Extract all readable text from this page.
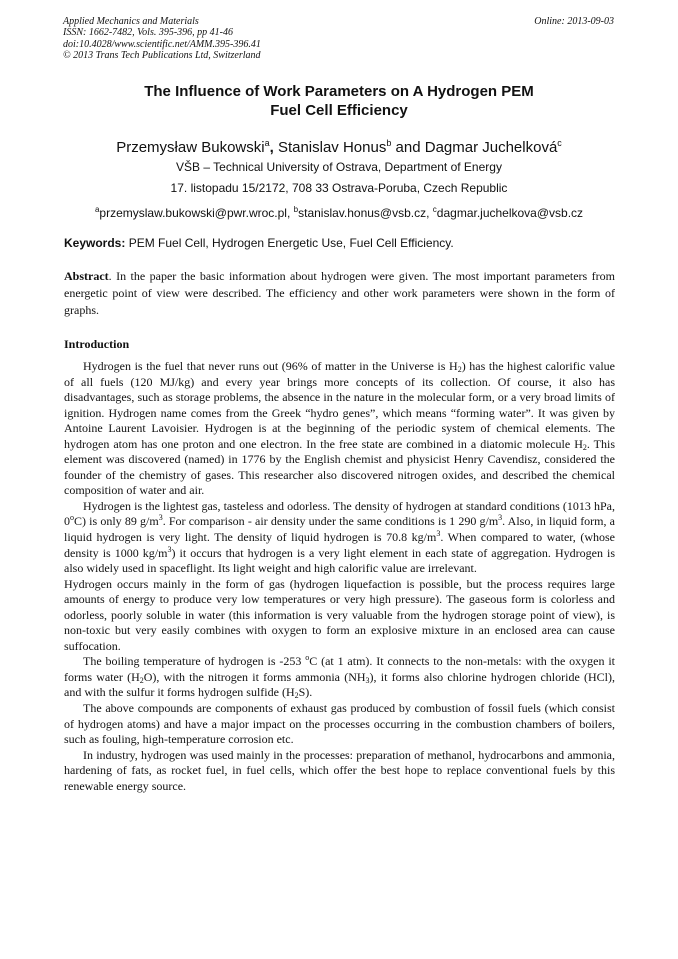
Applied Mechanics and Materials
ISSN: 1662-7482, Vols. 395-396, pp 41-46
doi:10.4028/www.scientific.net/AMM.395-396.41
© 2013 Trans Tech Publications Ltd, Switzerland
Online: 2013-09-03
The Influence of Work Parameters on A Hydrogen PEM
Fuel Cell Efficiency
Przemysław Bukowski$^a$, Stanislav Honus$^b$ and Dagmar Juchelková$^c$
VŠB – Technical University of Ostrava, Department of Energy
17. listopadu 15/2172, 708 33 Ostrava-Poruba, Czech Republic
$^a$przemyslaw.bukowski@pwr.wroc.pl, $^b$stanislav.honus@vsb.cz, $^c$dagmar.juchelkova@vsb.cz
Keywords: PEM Fuel Cell, Hydrogen Energetic Use, Fuel Cell Efficiency.
Abstract. In the paper the basic information about hydrogen were given. The most important parameters from energetic point of view were described. The efficiency and other work parameters were shown in the form of graphs.
Introduction

Hydrogen is the fuel that never runs out (96% of matter in the Universe is $H_2$) has the highest calorific value of all fuels (120 MJ/kg) and every year brings more concepts of its collection. Of course, it also has disadvantages, such as storage problems, the absence in the nature in the molecular form, or a very broad limits of ignition. Hydrogen name comes from the Greek “hydro genes”, which means “forming water”. It was given by Antoine Laurent Lavoisier. Hydrogen is at the beginning of the periodic system of chemical elements. The hydrogen atom has one proton and one electron. In the free state are combined in a diatomic molecule $H_2$. This element was discovered (named) in 1776 by the English chemist and physicist Henry Cavendisz, considered the founder of the chemistry of gases. This researcher also discovered nitrogen oxides, and described the chemical composition of water and air.

Hydrogen is the lightest gas, tasteless and odorless. The density of hydrogen at standard conditions (1013 hPa, 0$^o$C) is only 89 $g/m^3$. For comparison - air density under the same conditions is 1 290 $g/m^3$. Also, in liquid form, a liquid hydrogen is very light. The density of liquid hydrogen is 70.8 $kg/m^3$. When compared to water, (whose density is 1000 $kg/m^3$) it occurs that hydrogen is a very light element in each state of aggregation. Hydrogen is also widely used in spaceflight. Its light weight and high calorific value are irrelevant.

Hydrogen occurs mainly in the form of gas (hydrogen liquefaction is possible, but the process requires large amounts of energy to produce very low temperatures or very high pressure). The gaseous form is colorless and odorless, poorly soluble in water (this information is very valuable from the hydrogen storage point of view), is non-toxic but very easily combines with oxygen to form an explosive mixture in an enclosed area can cause suffocation.

The boiling temperature of hydrogen is -253 $^o$C (at 1 atm). It connects to the non-metals: with the oxygen it forms water $(H_2O)$, with the nitrogen it forms ammonia $(NH_3)$, it forms also chlorine hydrogen chloride (HCl), and with the sulfur it forms hydrogen sulfide $(H_2S)$.

The above compounds are components of exhaust gas produced by combustion of fossil fuels (which consist of hydrogen atoms) and have a major impact on the processes occurring in the combustion chambers of boilers, such as fouling, high-temperature corrosion etc.

In industry, hydrogen was used mainly in the processes: preparation of methanol, hydrocarbons and ammonia, hardening of fats, as rocket fuel, in fuel cells, which offer the best hope to replace conventional fuels by this renewable energy source.
